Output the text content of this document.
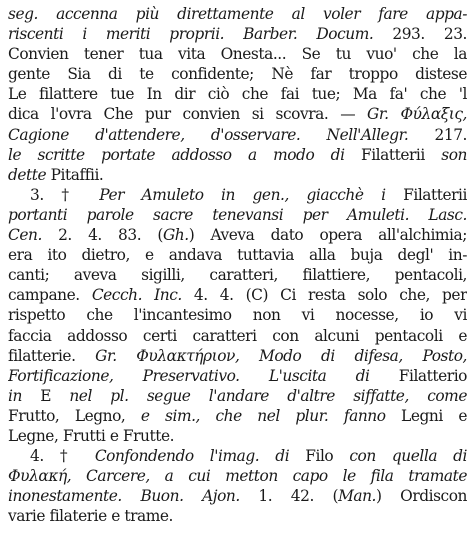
seg. accenna più direttamente al voler fare appa-
riscenti i meriti proprii. Barber. Docum. 293. 23.
Convien tener tua vita Onesta... Se tu vuo' che la
gente Sia di te confidente; Nè far troppo distese
Le filattere tue In dir ciò che fai tue; Ma fa' che 'l
dica l'ovra Che pur convien si scovra. — Gr. Φύλαξις,
Cagione d'attendere, d'osservare. Nell'Allegr. 217.
le scritte portate addosso a modo di Filatterii son
dette Pitaffii.
3. † Per Amuleto in gen., giacchè i Filatterii
portanti parole sacre tenevansi per Amuleti. Lasc.
Cen. 2. 4. 83. (Gh.) Aveva dato opera all'alchimia;
era ito dietro, e andava tuttavia alla buja degl' in-
canti; aveva sigilli, caratteri, filattiere, pentacoli,
campane. Cecch. Inc. 4. 4. (C) Ci resta solo che, per
rispetto che l'incantesimo non vi nocesse, io vi
faccia addosso certi caratteri con alcuni pentacoli e
filatterie. Gr. Φυλακτήριον, Modo di difesa, Posto,
Fortificazione, Preservativo. L'uscita di Filatterio
in E nel pl. segue l'andare d'altre siffatte, come
Frutto, Legno, e sim., che nel plur. fanno Legni e
Legne, Frutti e Frutte.
4. † Confondendo l'imag. di Filo con quella di
Φυλακή, Carcere, a cui metton capo le fila tramate
inonestamente. Buon. Ajon. 1. 42. (Man.) Ordiscon
varie filaterie e trame.
